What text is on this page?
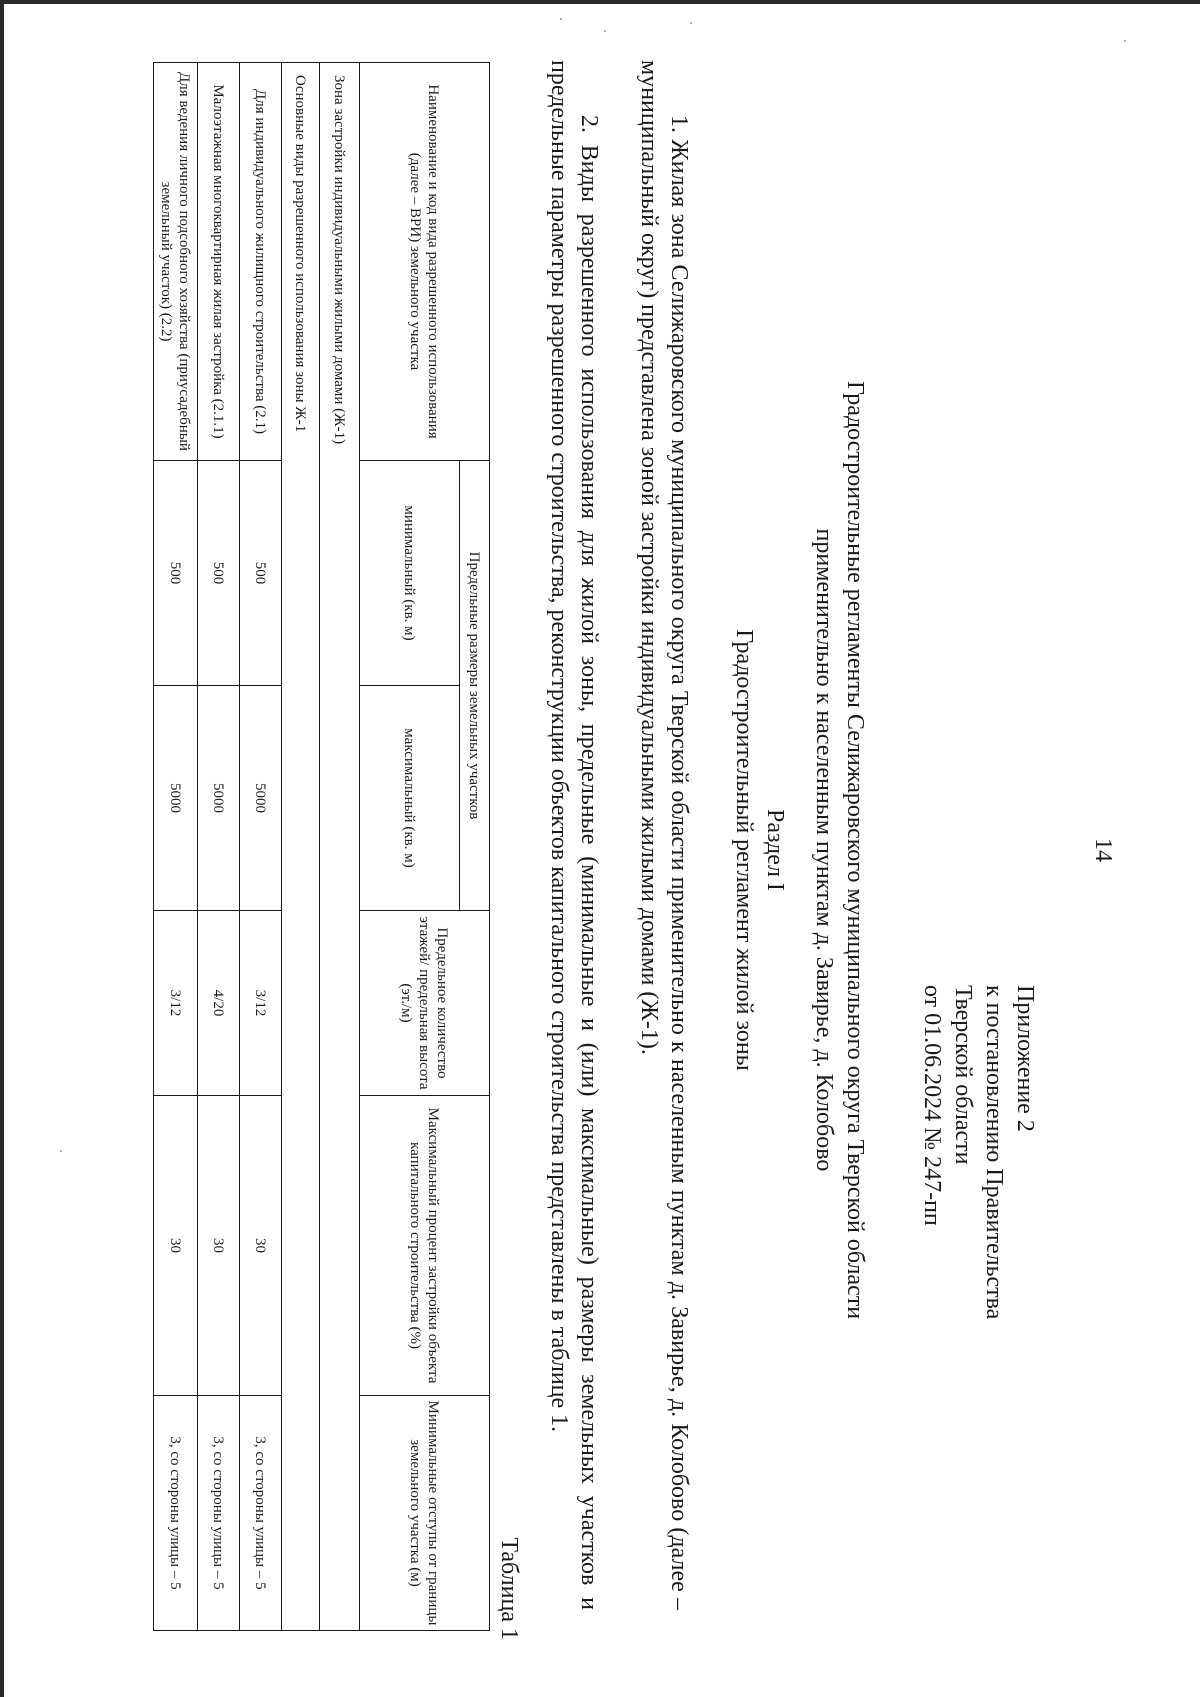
14
Приложение 2
к постановлению Правительства
Тверской области
от 01.06.2024 № 247-пп
Градостроительные регламенты Селижаровского муниципального округа Тверской области
применительно к населенным пунктам д. Завирье, д. Колобово
Раздел I
Градостроительный регламент жилой зоны
1. Жилая зона Селижаровского муниципального округа Тверской области применительно к населенным пунктам д. Завирье, д. Колобово (далее – муниципальный округ) представлена зоной застройки индивидуальными жилыми домами (Ж-1).
2. Виды разрешенного использования для жилой зоны, предельные (минимальные и (или) максимальные) размеры земельных участков и предельные параметры разрешенного строительства, реконструкции объектов капитального строительства представлены в таблице 1.
Таблица 1
Наименование и код вида разрешенного использования (далее – ВРИ) земельного участка	Предельные размеры земельных участков		Предельное количество этажей/ предельная высота (эт./м)	Максимальный процент застройки объекта капитального строительства (%)	Минимальные отступы от границы земельного участка (м)
	минимальный (кв. м)	максимальный (кв. м)			
Зона застройки индивидуальными жилыми домами (Ж-1)					
Основные виды разрешенного использования зоны Ж-1					
Для индивидуального жилищного строительства (2.1)	500	5000	3/12	30	3, со стороны улицы – 5
Малоэтажная многоквартирная жилая застройка (2.1.1)	500	5000	4/20	30	3, со стороны улицы – 5
Для ведения личного подсобного хозяйства (приусадебный земельный участок) (2.2)	500	5000	3/12	30	3, со стороны улицы – 5
